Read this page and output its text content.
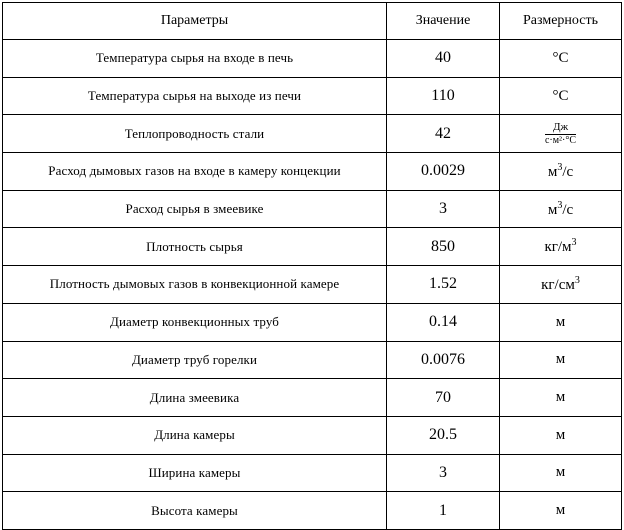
Параметры	Значение	Размерность
Температура сырья на входе в печь	40	°С
Температура сырья на выходе из печи	110	°С
Теплопроводность стали	42	$\frac{Дж}{\text{с·м²·°С}}$

Расход дымовых газов на входе в камеру концекции	0.0029	$м^3/с$
Расход сырья в змеевике	3	$м^3/с$
Плотность сырья	850	$кг/м^3$
Плотность дымовых газов в конвекционной камере	1.52	$кг/см^3$
Диаметр конвекционных труб	0.14	м
Диаметр труб горелки	0.0076	м
Длина змеевика	70	м
Длина камеры	20.5	м
Ширина камеры	3	м
Высота камеры	1	м
